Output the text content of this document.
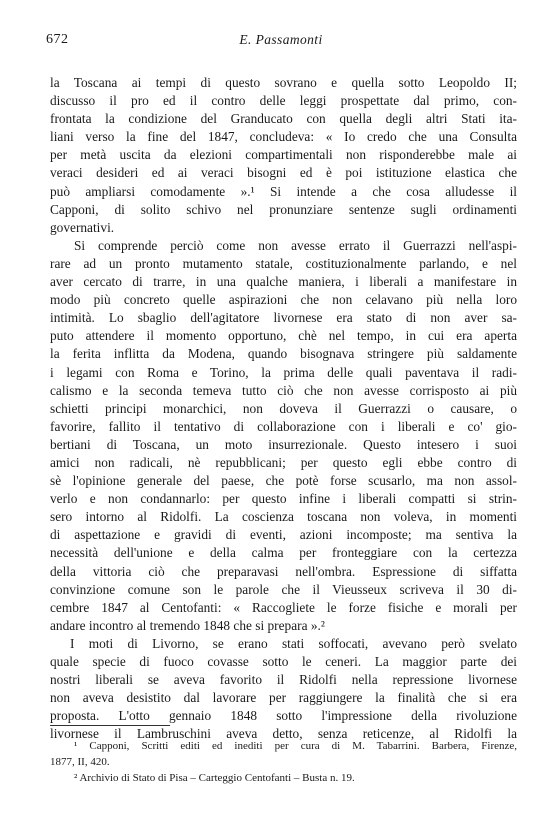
672	E. Passamonti
la Toscana ai tempi di questo sovrano e quella sotto Leopoldo II;
discusso il pro ed il contro delle leggi prospettate dal primo, con-
frontata la condizione del Granducato con quella degli altri Stati ita-
liani verso la fine del 1847, concludeva: « Io credo che una Consulta
per metà uscita da elezioni compartimentali non risponderebbe male ai
veraci desideri ed ai veraci bisogni ed è poi istituzione elastica che
può ampliarsi comodamente ».¹ Si intende a che cosa alludesse il
Capponi, di solito schivo nel pronunziare sentenze sugli ordinamenti
governativi.
Si comprende perciò come non avesse errato il Guerrazzi nell'aspi-
rare ad un pronto mutamento statale, costituzionalmente parlando, e nel
aver cercato di trarre, in una qualche maniera, i liberali a manifestare in
modo più concreto quelle aspirazioni che non celavano più nella loro
intimità. Lo sbaglio dell'agitatore livornese era stato di non aver sa-
puto attendere il momento opportuno, chè nel tempo, in cui era aperta
la ferita inflitta da Modena, quando bisognava stringere più saldamente
i legami con Roma e Torino, la prima delle quali paventava il radi-
calismo e la seconda temeva tutto ciò che non avesse corrisposto ai più
schietti principi monarchici, non doveva il Guerrazzi o causare, o
favorire, fallito il tentativo di collaborazione con i liberali e co' gio-
bertiani di Toscana, un moto insurrezionale. Questo intesero i suoi
amici non radicali, nè repubblicani; per questo egli ebbe contro di
sè l'opinione generale del paese, che potè forse scusarlo, ma non assol-
verlo e non condannarlo: per questo infine i liberali compatti si strin-
sero intorno al Ridolfi. La coscienza toscana non voleva, in momenti
di aspettazione e gravidi di eventi, azioni incomposte; ma sentiva la
necessità dell'unione e della calma per fronteggiare con la certezza
della vittoria ciò che preparavasi nell'ombra. Espressione di siffatta
convinzione comune son le parole che il Vieusseux scriveva il 30 di-
cembre 1847 al Centofanti: « Raccogliete le forze fisiche e morali per
andare incontro al tremendo 1848 che si prepara ».²
I moti di Livorno, se erano stati soffocati, avevano però svelato
quale specie di fuoco covasse sotto le ceneri. La maggior parte dei
nostri liberali se aveva favorito il Ridolfi nella repressione livornese
non aveva desistito dal lavorare per raggiungere la finalità che si era
proposta. L'otto gennaio 1848 sotto l'impressione della rivoluzione
livornese il Lambruschini aveva detto, senza reticenze, al Ridolfi la
¹ Capponi, Scritti editi ed inediti per cura di M. Tabarrini. Barbera, Firenze,
1877, II, 420.
² Archivio di Stato di Pisa – Carteggio Centofanti – Busta n. 19.
